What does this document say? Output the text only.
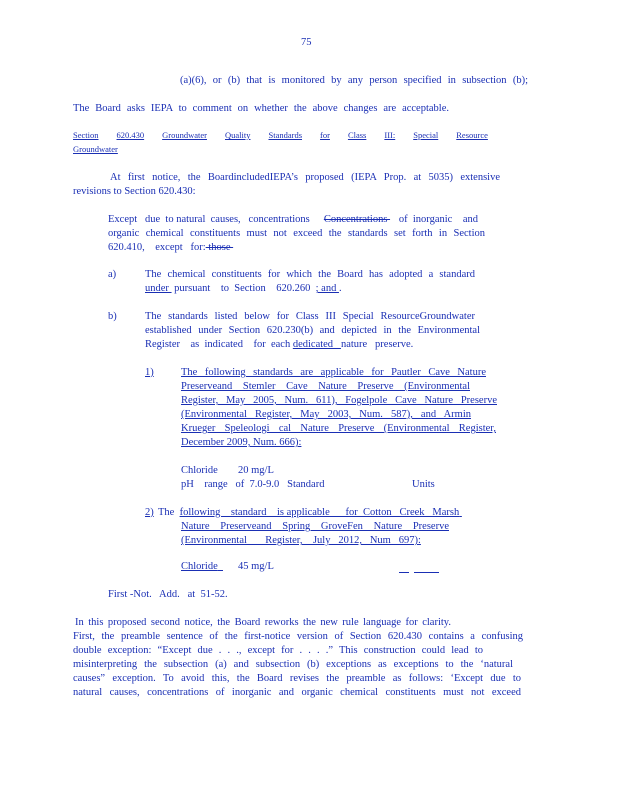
75
(a)(6), or (b) that is monitored by any person specified in subsection (b);
The Board asks IEPA to comment on whether the above changes are acceptable.
Section 620.430 Groundwater Quality Standards for Class III: Special Resource
Groundwater
At first notice, the BoardincludedIEPA’s proposed (IEPA Prop. at 5035) extensive
revisions to Section 620.430:
Except   due  to natural  causes,   concentrations Concentrations of  inorganic    and
organic chemical constituents must not exceed the standards set forth in Section
620.410,    except   for: those
a)	The chemical constituents for which the Board has adopted a standard
under  pursuant    to  Section    620.260  ; and .
b)	The standards listed below for Class III Special ResourceGroundwater
established under Section 620.230(b) and depicted in the Environmental
Register    as  indicated    for  each dedicated   nature   preserve.
1)	The following standards are applicable for Pautler Cave Nature
Preserveand Stemler Cave Nature Preserve (Environmental
Register, May 2005, Num. 611), Fogelpole Cave Nature Preserve
(Environmental Register, May 2003, Num. 587), and Armin
Krueger Speleologi cal Nature Preserve (Environmental Register,
December 2009, Num. 666):
Chloride 20 mg/L
pH    range   of  7.0-9.0   Standard	Units
2) The  following    standard    is applicable      for  Cotton   Creek   Marsh
Nature Preserveand Spring GroveFen Nature Preserve
(Environmental       Register,    July   2012,   Num   697):
Chloride	45 mg/L
First -Not.   Add.   at  51-52.
In this proposed second notice, the Board reworks the new rule language for clarity.
First, the preamble sentence of the first-notice version of Section 620.430 contains a confusing
double exception: “Except due . . ., except for . . . .” This construction could lead to
misinterpreting the subsection (a) and subsection (b) exceptions as exceptions to the ‘natural
causes” exception. To avoid this, the Board revises the preamble as follows: ‘Except due to
natural causes, concentrations of inorganic and organic chemical constituents must not exceed
